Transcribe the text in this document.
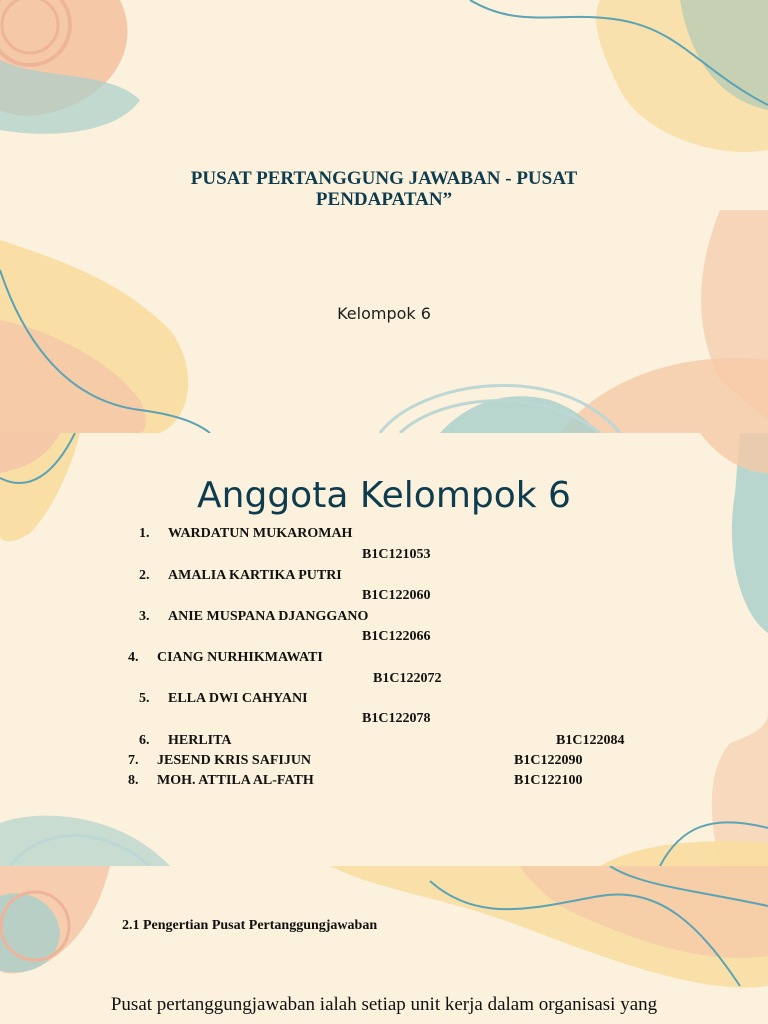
PUSAT PERTANGGUNG JAWABAN - PUSAT PENDAPATAN”
Kelompok 6
Anggota Kelompok 6
1. WARDATUN MUKAROMAH
B1C121053
2. AMALIA KARTIKA PUTRI
B1C122060
3. ANIE MUSPANA DJANGGANO
B1C122066
4. CIANG NURHIKMAWATI
B1C122072
5. ELLA DWI CAHYANI
B1C122078
6. HERLITA	B1C122084
7. JESEND KRIS SAFIJUN	B1C122090
8. MOH. ATTILA AL-FATH	B1C122100
2.1 Pengertian Pusat Pertanggungjawaban
Pusat pertanggungjawaban ialah setiap unit kerja dalam organisasi yang
